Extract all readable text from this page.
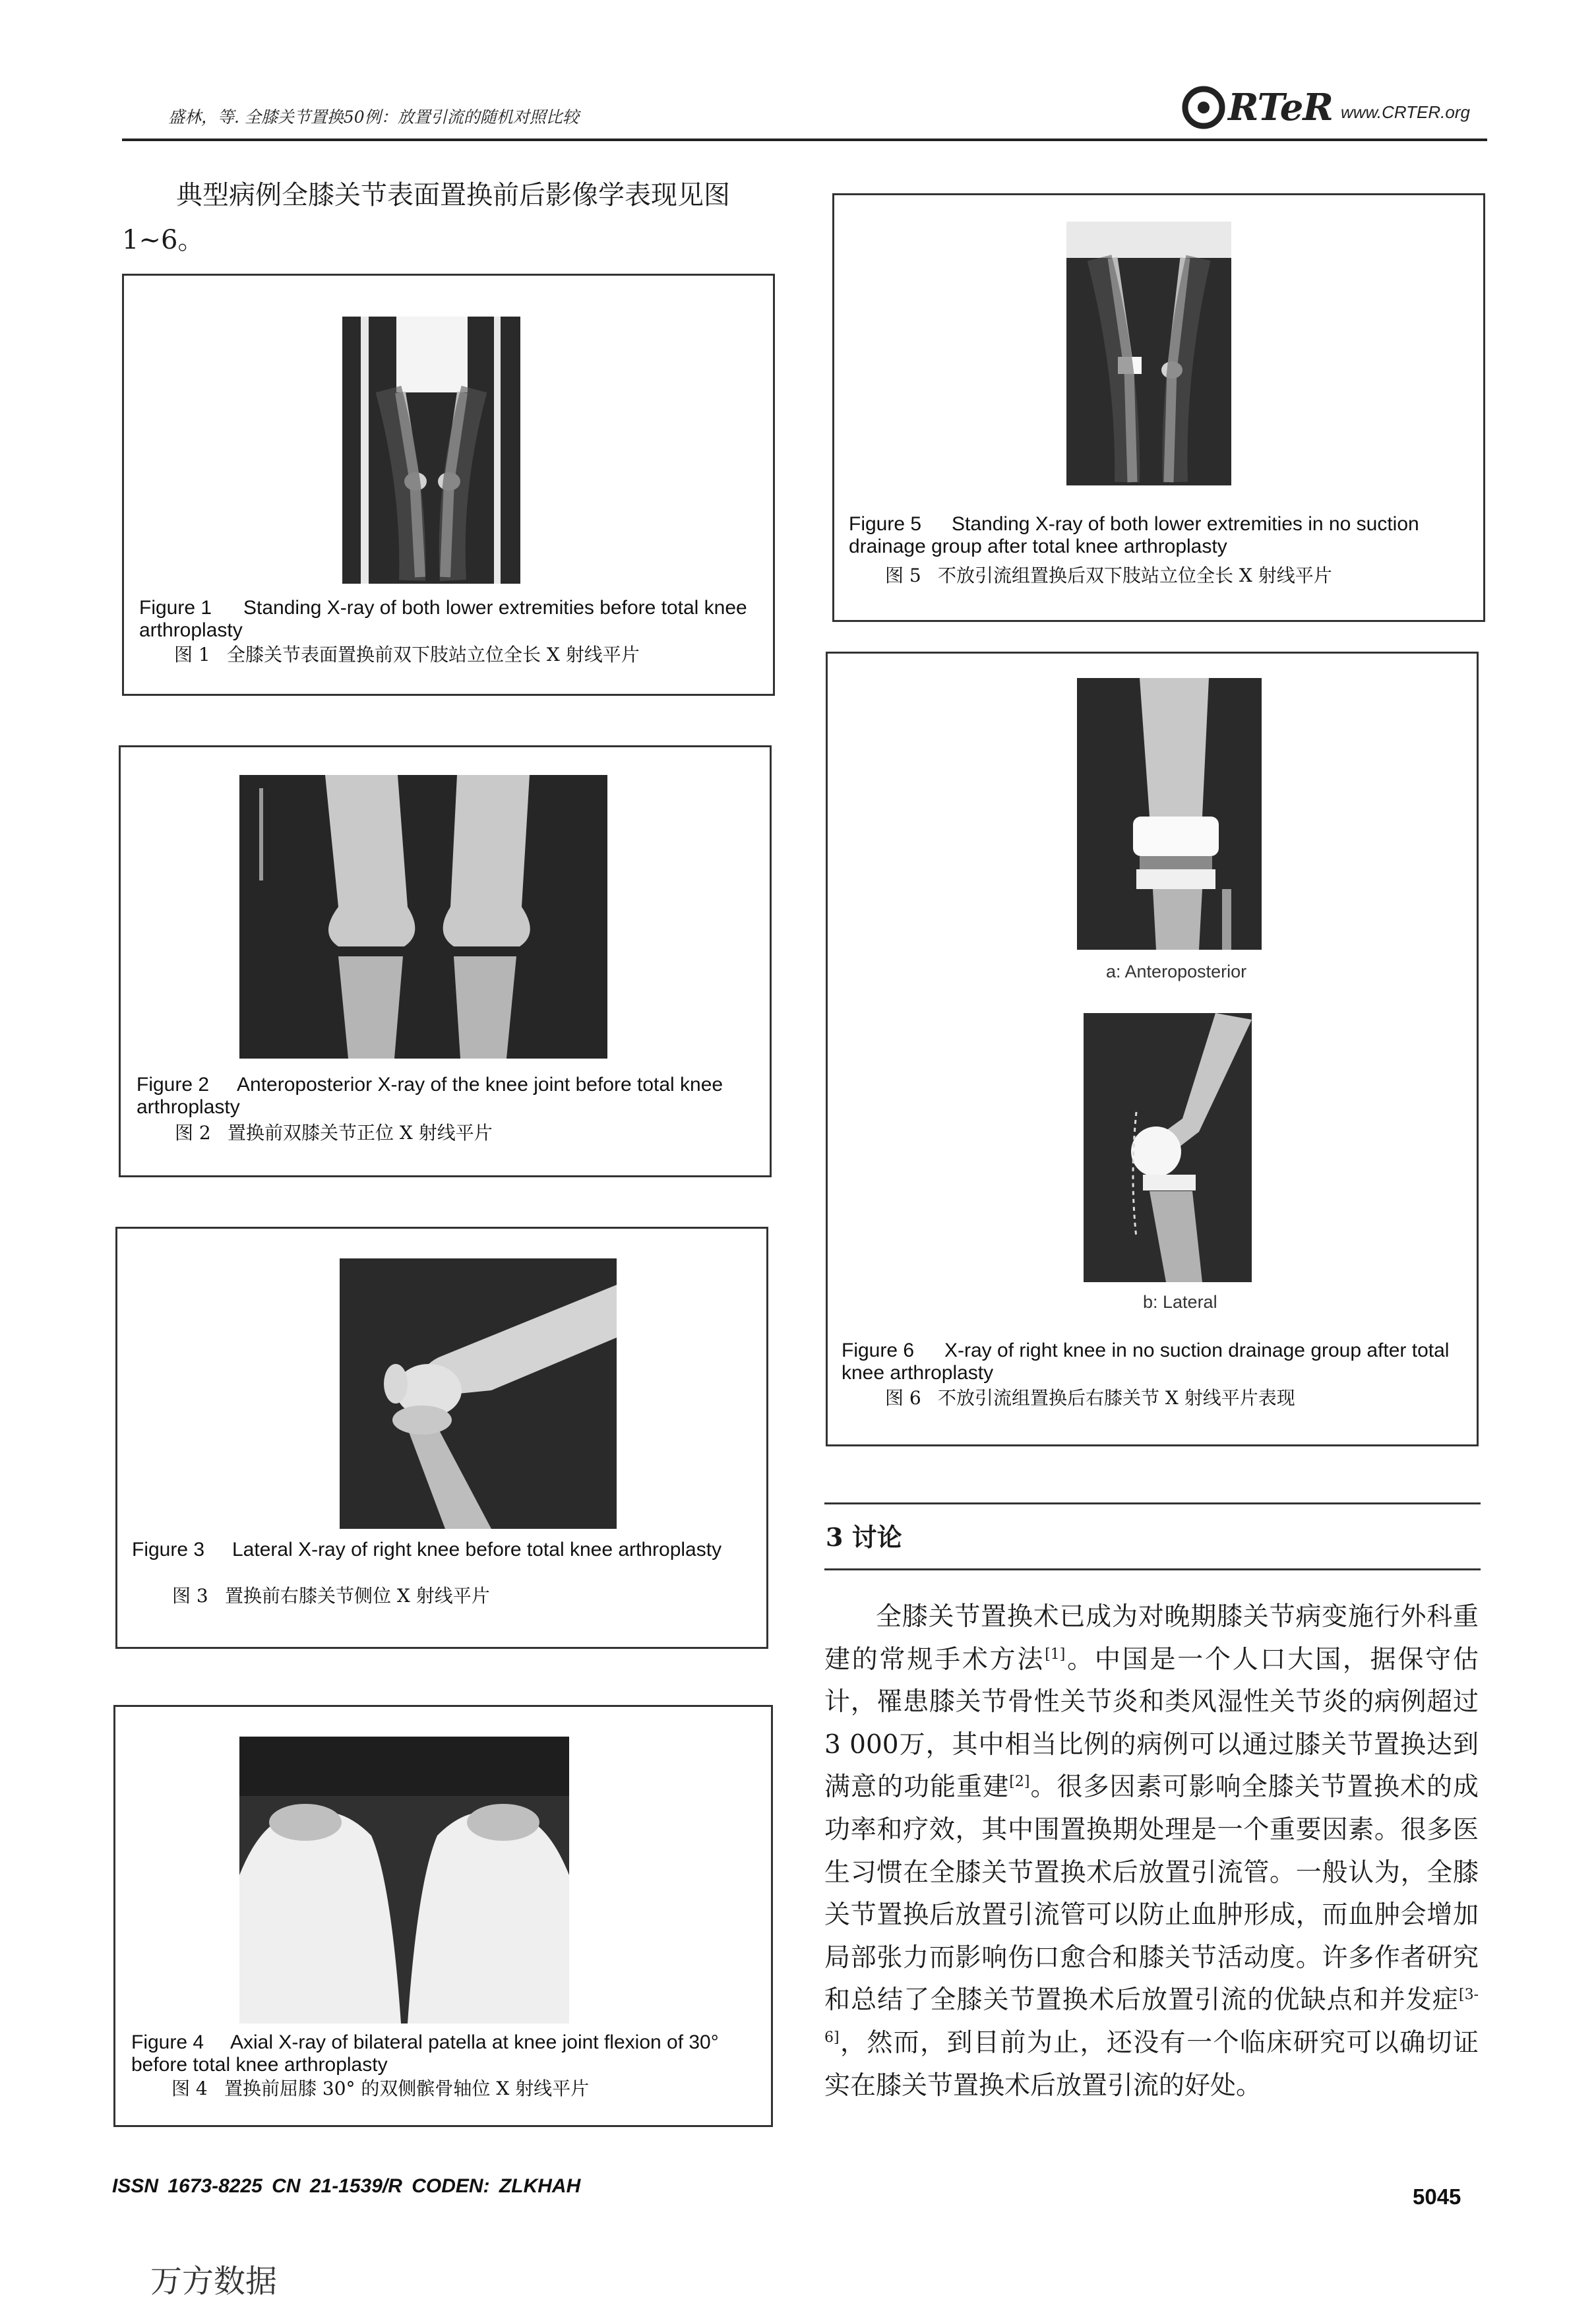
盛林，等. 全膝关节置换50例：放置引流的随机对照比较	RTeR www.CRTER.org
典型病例全膝关节表面置换前后影像学表现见图1~6。
Figure 1 Standing X-ray of both lower extremities before total knee arthroplasty
图 1 全膝关节表面置换前双下肢站立位全长 X 射线平片
Figure 2 Anteroposterior X-ray of the knee joint before total knee arthroplasty
图 2 置换前双膝关节正位 X 射线平片
Figure 3 Lateral X-ray of right knee before total knee arthroplasty
图 3 置换前右膝关节侧位 X 射线平片
Figure 4 Axial X-ray of bilateral patella at knee joint flexion of 30° before total knee arthroplasty
图 4 置换前屈膝 30° 的双侧髌骨轴位 X 射线平片
Figure 5 Standing X-ray of both lower extremities in no suction drainage group after total knee arthroplasty
图 5 不放引流组置换后双下肢站立位全长 X 射线平片
a: Anteroposterior
b: Lateral
Figure 6 X-ray of right knee in no suction drainage group after total knee arthroplasty
图 6 不放引流组置换后右膝关节 X 射线平片表现
3 讨论
全膝关节置换术已成为对晚期膝关节病变施行外科重建的常规手术方法[1]。中国是一个人口大国，据保守估计，罹患膝关节骨性关节炎和类风湿性关节炎的病例超过3 000万，其中相当比例的病例可以通过膝关节置换达到满意的功能重建[2]。很多因素可影响全膝关节置换术的成功率和疗效，其中围置换期处理是一个重要因素。很多医生习惯在全膝关节置换术后放置引流管。一般认为，全膝关节置换后放置引流管可以防止血肿形成，而血肿会增加局部张力而影响伤口愈合和膝关节活动度。许多作者研究和总结了全膝关节置换术后放置引流的优缺点和并发症[3-6]，然而，到目前为止，还没有一个临床研究可以确切证实在膝关节置换术后放置引流的好处。
ISSN 1673-8225 CN 21-1539/R CODEN: ZLKHAH	5045
万方数据
